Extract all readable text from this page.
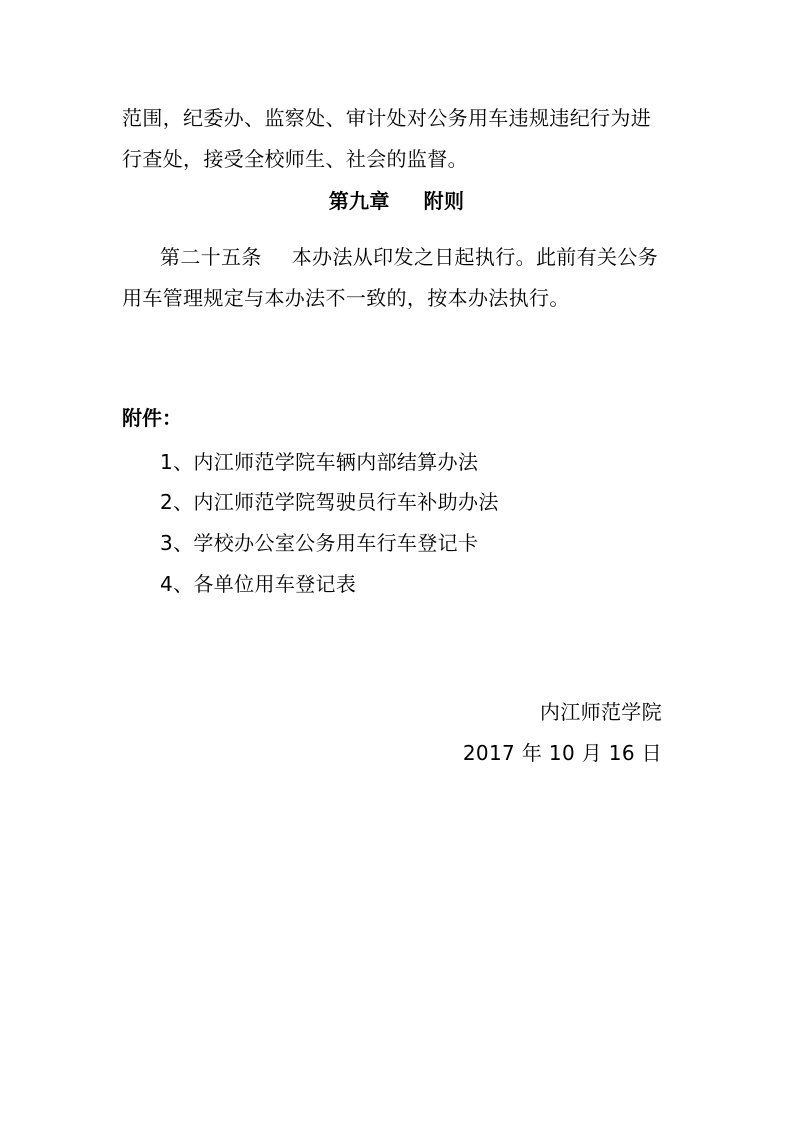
范围，纪委办、监察处、审计处对公务用车违规违纪行为进
行查处，接受全校师生、社会的监督。
第九章 附则
第二十五条 本办法从印发之日起执行。此前有关公务
用车管理规定与本办法不一致的，按本办法执行。
附件：
1、内江师范学院车辆内部结算办法
2、内江师范学院驾驶员行车补助办法
3、学校办公室公务用车行车登记卡
4、各单位用车登记表
内江师范学院
2017 年 10 月 16 日
